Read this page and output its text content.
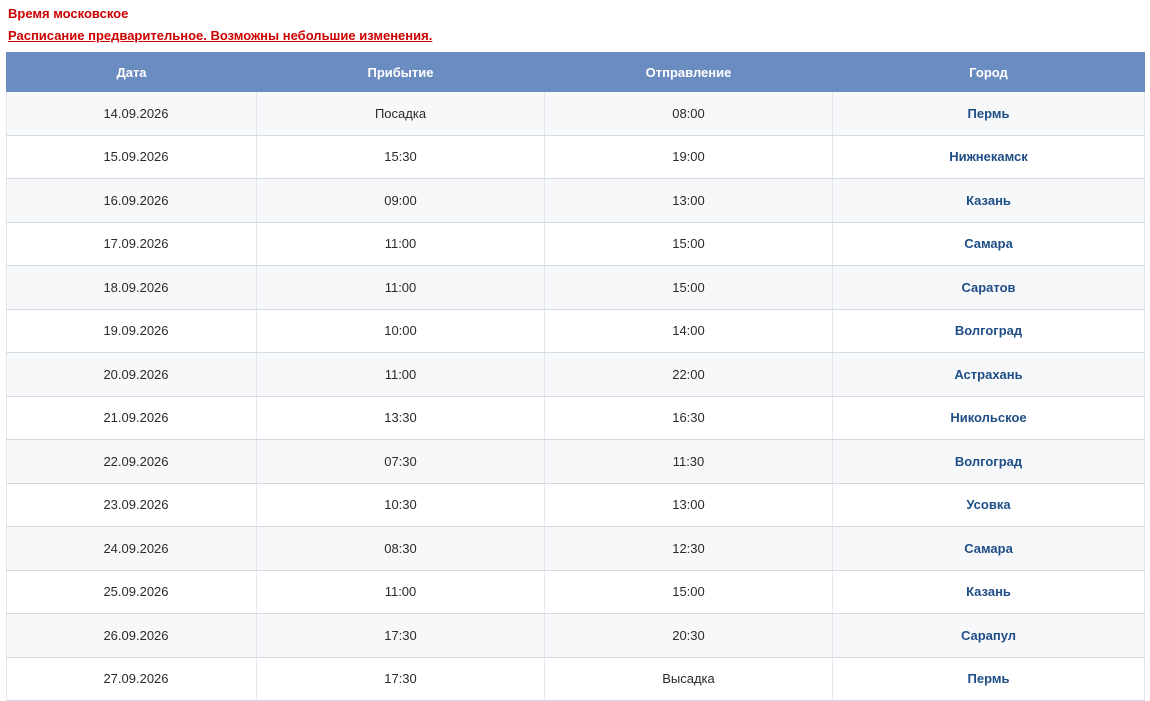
Время московское
Расписание предварительное. Возможны небольшие изменения.
Дата	Прибытие	Отправление	Город
14.09.2026	Посадка	08:00	Пермь
15.09.2026	15:30	19:00	Нижнекамск
16.09.2026	09:00	13:00	Казань
17.09.2026	11:00	15:00	Самара
18.09.2026	11:00	15:00	Саратов
19.09.2026	10:00	14:00	Волгоград
20.09.2026	11:00	22:00	Астрахань
21.09.2026	13:30	16:30	Никольское
22.09.2026	07:30	11:30	Волгоград
23.09.2026	10:30	13:00	Усовка
24.09.2026	08:30	12:30	Самара
25.09.2026	11:00	15:00	Казань
26.09.2026	17:30	20:30	Сарапул
27.09.2026	17:30	Высадка	Пермь
